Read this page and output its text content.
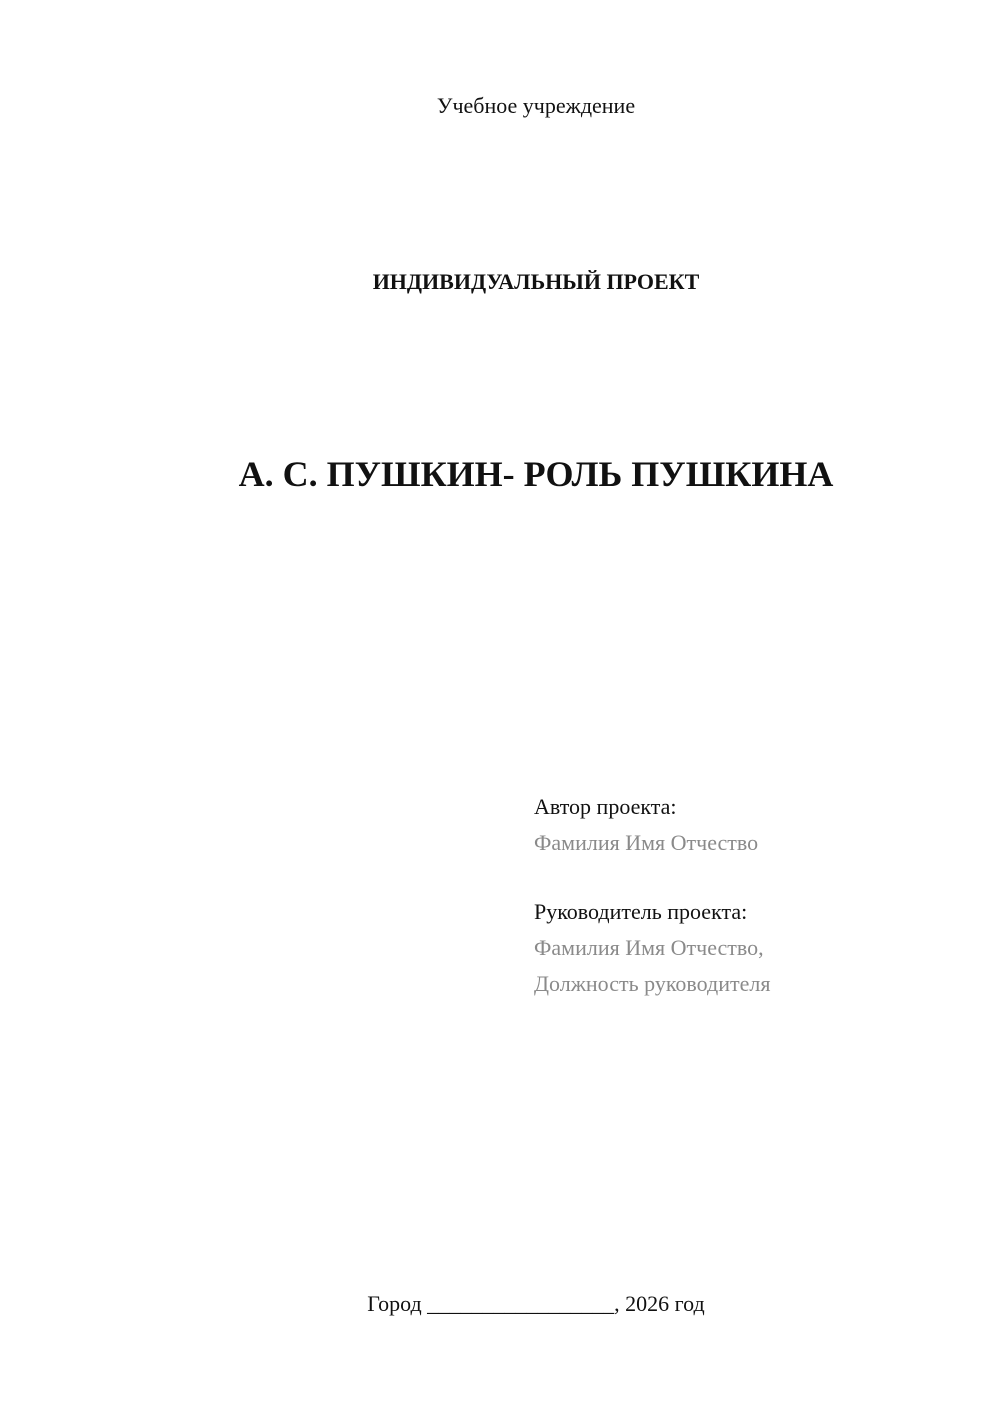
Учебное учреждение
ИНДИВИДУАЛЬНЫЙ ПРОЕКТ
А. С. ПУШКИН- РОЛЬ ПУШКИНА
Автор проекта:
Фамилия Имя Отчество
Руководитель проекта:
Фамилия Имя Отчество,
Должность руководителя
Город _________________, 2026 год
